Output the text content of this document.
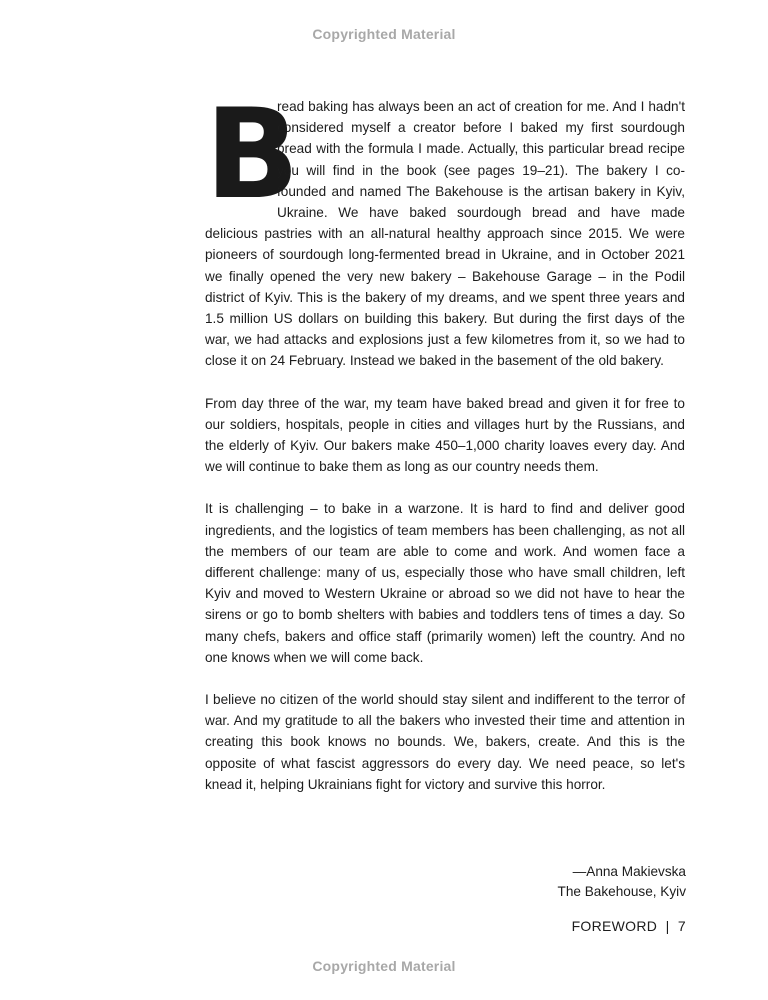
Copyrighted Material

B
read baking has always been an act of creation for me. And I hadn't considered myself a creator before I baked my first sourdough bread with the formula I made. Actually, this particular bread recipe you will find in the book (see pages 19–21). The bakery I co-founded and named The Bakehouse is the artisan bakery in Kyiv, Ukraine. We have baked sourdough bread and have made delicious pastries with an all-natural healthy approach since 2015. We were pioneers of sourdough long-fermented bread in Ukraine, and in October 2021 we finally opened the very new bakery – Bakehouse Garage – in the Podil district of Kyiv. This is the bakery of my dreams, and we spent three years and 1.5 million US dollars on building this bakery. But during the first days of the war, we had attacks and explosions just a few kilometres from it, so we had to close it on 24 February. Instead we baked in the basement of the old bakery.

From day three of the war, my team have baked bread and given it for free to our soldiers, hospitals, people in cities and villages hurt by the Russians, and the elderly of Kyiv. Our bakers make 450–1,000 charity loaves every day. And we will continue to bake them as long as our country needs them.

It is challenging – to bake in a warzone. It is hard to find and deliver good ingredients, and the logistics of team members has been challenging, as not all the members of our team are able to come and work. And women face a different challenge: many of us, especially those who have small children, left Kyiv and moved to Western Ukraine or abroad so we did not have to hear the sirens or go to bomb shelters with babies and toddlers tens of times a day. So many chefs, bakers and office staff (primarily women) left the country. And no one knows when we will come back.

I believe no citizen of the world should stay silent and indifferent to the terror of war. And my gratitude to all the bakers who invested their time and attention in creating this book knows no bounds. We, bakers, create. And this is the opposite of what fascist aggressors do every day. We need peace, so let's knead it, helping Ukrainians fight for victory and survive this horror.

—Anna Makievska
The Bakehouse, Kyiv
FOREWORD | 7
Copyrighted Material
